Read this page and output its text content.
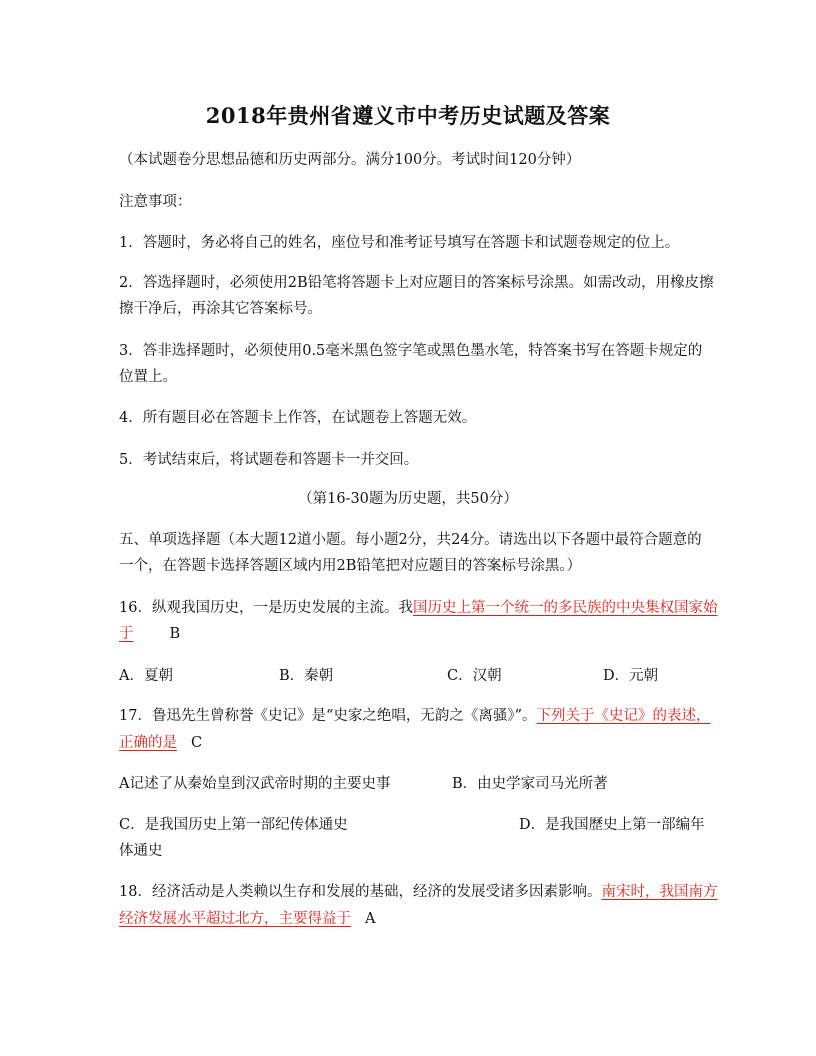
2018年贵州省遵义市中考历史试题及答案
（本试题卷分思想品德和历史两部分。满分100分。考试时间120分钟）
注意事项：
1．答题时，务必将自己的姓名，座位号和准考证号填写在答题卡和试题卷规定的位上。
2．答选择题时，必须使用2B铅笔将答题卡上对应题目的答案标号涂黑。如需改动，用橡皮擦
擦干净后，再涂其它答案标号。
3．答非选择题时，必须使用0.5毫米黑色签字笔或黑色墨水笔，特答案书写在答题卡规定的
位置上。
4．所有题目必在答题卡上作答，在试题卷上答题无效。
5．考试结束后，将试题卷和答题卡一并交回。
（第16-30题为历史题，共50分）
五、单项选择题（本大题12道小题。每小题2分，共24分。请选出以下各题中最符合题意的
一个，在答题卡选择答题区域内用2B铅笔把对应题目的答案标号涂黑。）
16．纵观我国历史，一是历史发展的主流。我国历史上第一个统一的多民族的中央集权国家始
于 B
A．夏朝	B．秦朝	C．汉朝	D．元朝
17．鲁迅先生曾称誉《史记》是“史家之绝唱，无韵之《离骚》”。下列关于《史记》的表述，
正确的是 C
A记述了从秦始皇到汉武帝时期的主要史事	B．由史学家司马光所著
C．是我国历史上第一部纪传体通史	D．是我国歷史上第一部编年
体通史
18．经济活动是人类赖以生存和发展的基础，经济的发展受诸多因素影响。南宋时，我国南方
经济发展水平超过北方，主要得益于 A
